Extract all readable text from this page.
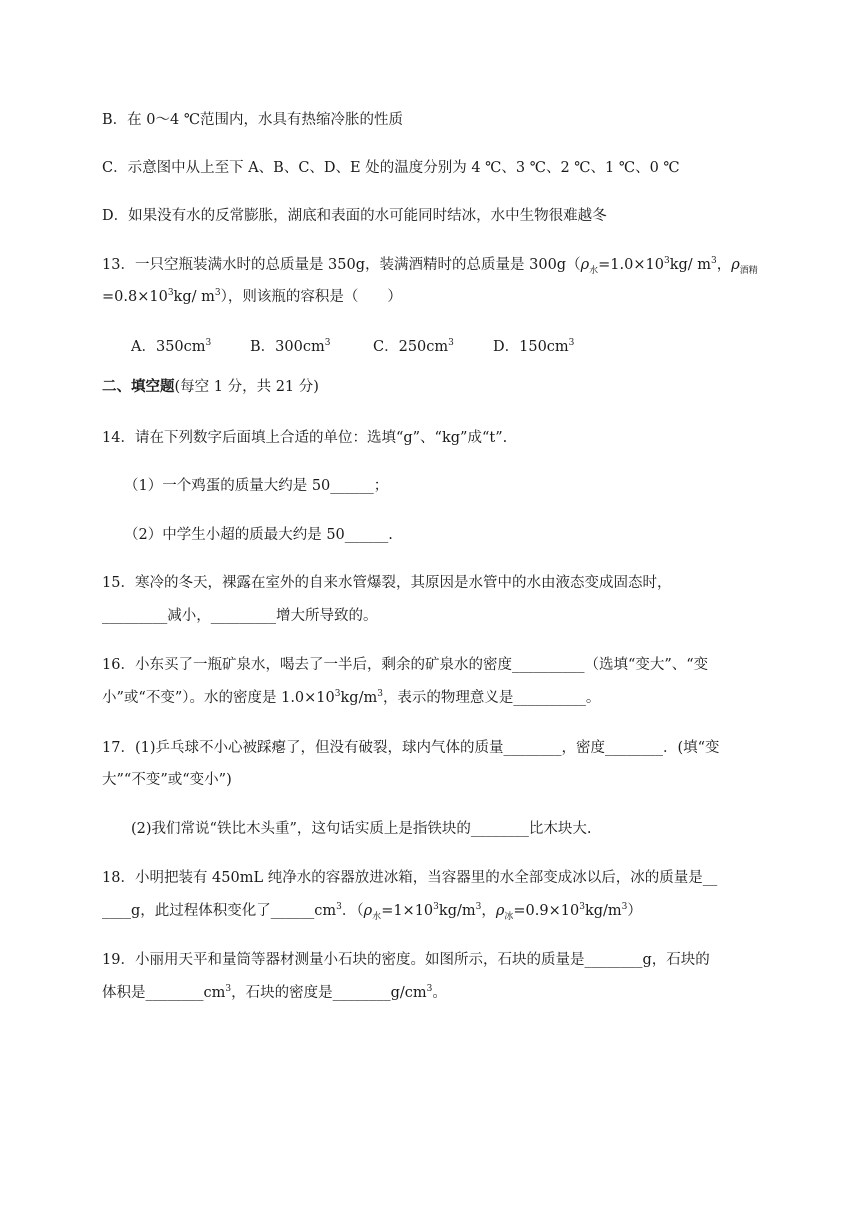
B．在 0～4 ℃范围内，水具有热缩冷胀的性质
C．示意图中从上至下 A、B、C、D、E 处的温度分别为 4 ℃、3 ℃、2 ℃、1 ℃、0 ℃
D．如果没有水的反常膨胀，湖底和表面的水可能同时结冰，水中生物很难越冬
13．一只空瓶装满水时的总质量是 350g，装满酒精时的总质量是 $300g(\rho_水=1.0\times 10^3kg/$ $m^3$，$\rho_{酒精}$
$=0.8\times 10^3kg/$ $m^3$），则该瓶的容积是（　　）
A．$350cm^3$	B．$300cm^3$	C．$250cm^3$	D．$150cm^3$
二、填空题(每空 1 分，共 21 分)
14．请在下列数字后面填上合适的单位：选填“g”、“kg”成“t”.
（1）一个鸡蛋的质量大约是 50______；
（2）中学生小超的质最大约是 50______.
15．寒冷的冬天，裸露在室外的自来水管爆裂，其原因是水管中的水由液态变成固态时，
_________减小，_________增大所导致的。
16．小东买了一瓶矿泉水，喝去了一半后，剩余的矿泉水的密度__________（选填“变大”、“变
小”或“不变”）。水的密度是 $1.0\times 10^3kg/m^3$，表示的物理意义是__________。
17．(1)乒乓球不小心被踩瘪了，但没有破裂，球内气体的质量________，密度________．(填“变
大”“不变”或“变小”)
(2)我们常说“铁比木头重”，这句话实质上是指铁块的________比木块大.
18．小明把装有 450mL 纯净水的容器放进冰箱，当容器里的水全部变成冰以后，冰的质量是__
____g，此过程体积变化了$\_\_\_\_\_\_cm^3$．（$\rho_水=1\times 10^3kg/m^3$，$\rho_冰=0.9\times 10^3kg/m^3$）
19．小丽用天平和量筒等器材测量小石块的密度。如图所示，石块的质量是________g，石块的
体积是$\_\_\_\_\_\_\_\_cm^3$，石块的密度是$\_\_\_\_\_\_\_\_g/cm^3$。
